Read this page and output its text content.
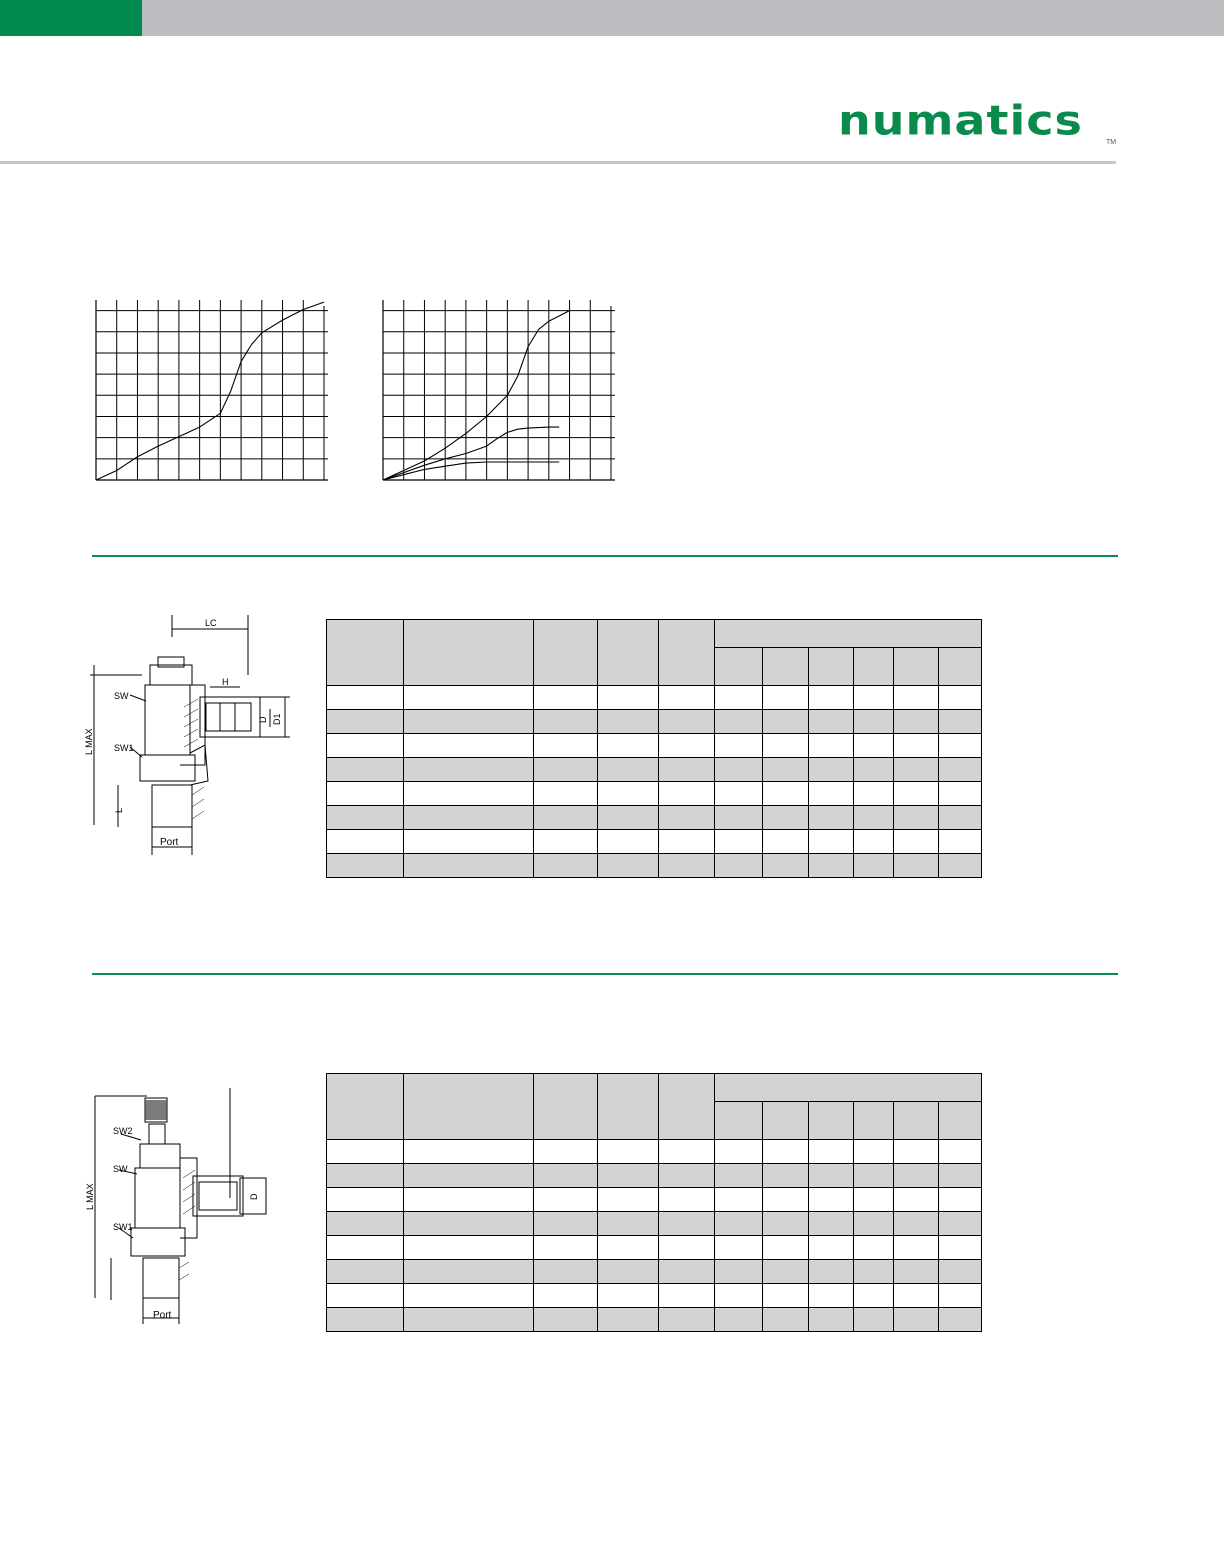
numatics	TM
LC
SW
SW1
L MAX
L
Port
H
D D1

SW2
SW
SW1
L MAX
Port
D
